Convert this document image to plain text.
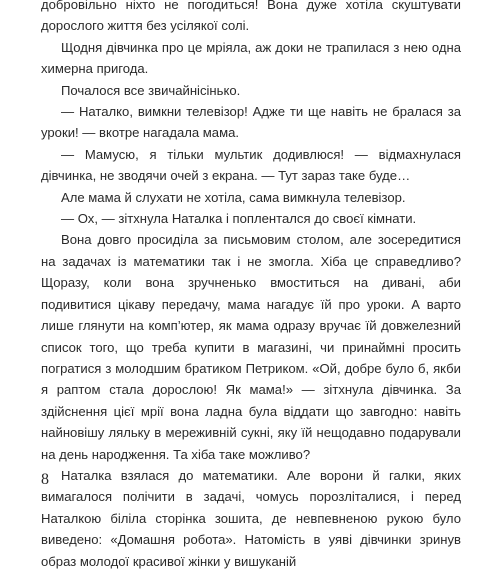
добровільно ніхто не погодиться! Вона дуже хотіла скуштувати дорослого життя без усілякої солі.

Щодня дівчинка про це мріяла, аж доки не трапилася з нею одна химерна пригода.

Почалося все звичайнісінько.

— Наталко, вимкни телевізор! Адже ти ще навіть не бралася за уроки! — вкотре нагадала мама.

— Мамусю, я тільки мультик додивлюся! — відмахнулася дівчинка, не зводячи очей з екрана. — Тут зараз таке буде…

Але мама й слухати не хотіла, сама вимкнула телевізор.

— Ох, — зітхнула Наталка і поплентался до своєї кімнати.

Вона довго просиділа за письмовим столом, але зосередитися на задачах із математики так і не змогла. Хіба це справедливо? Щоразу, коли вона зручненько вмоститься на дивані, аби подивитися цікаву передачу, мама нагадує їй про уроки. А варто лише глянути на комп’ютер, як мама одразу вручає їй довжелезний список того, що треба купити в магазині, чи принаймні просить погратися з молодшим братиком Петриком. «Ой, добре було б, якби я раптом стала дорослою! Як мама!» — зітхнула дівчинка. За здійснення цієї мрії вона ладна була віддати що завгодно: навіть найновішу ляльку в мереживній сукні, яку їй нещодавно подарували на день народження. Та хіба таке можливо?

Наталка взялася до математики. Але ворони й галки, яких вимагалося полічити в задачі, чомусь порозліталися, і перед Наталкою біліла сторінка зошита, де невпевненою рукою було виведено: «Домашня робота». Натомість в уяві дівчинки зринув образ молодої красивої жінки у вишуканій

8
